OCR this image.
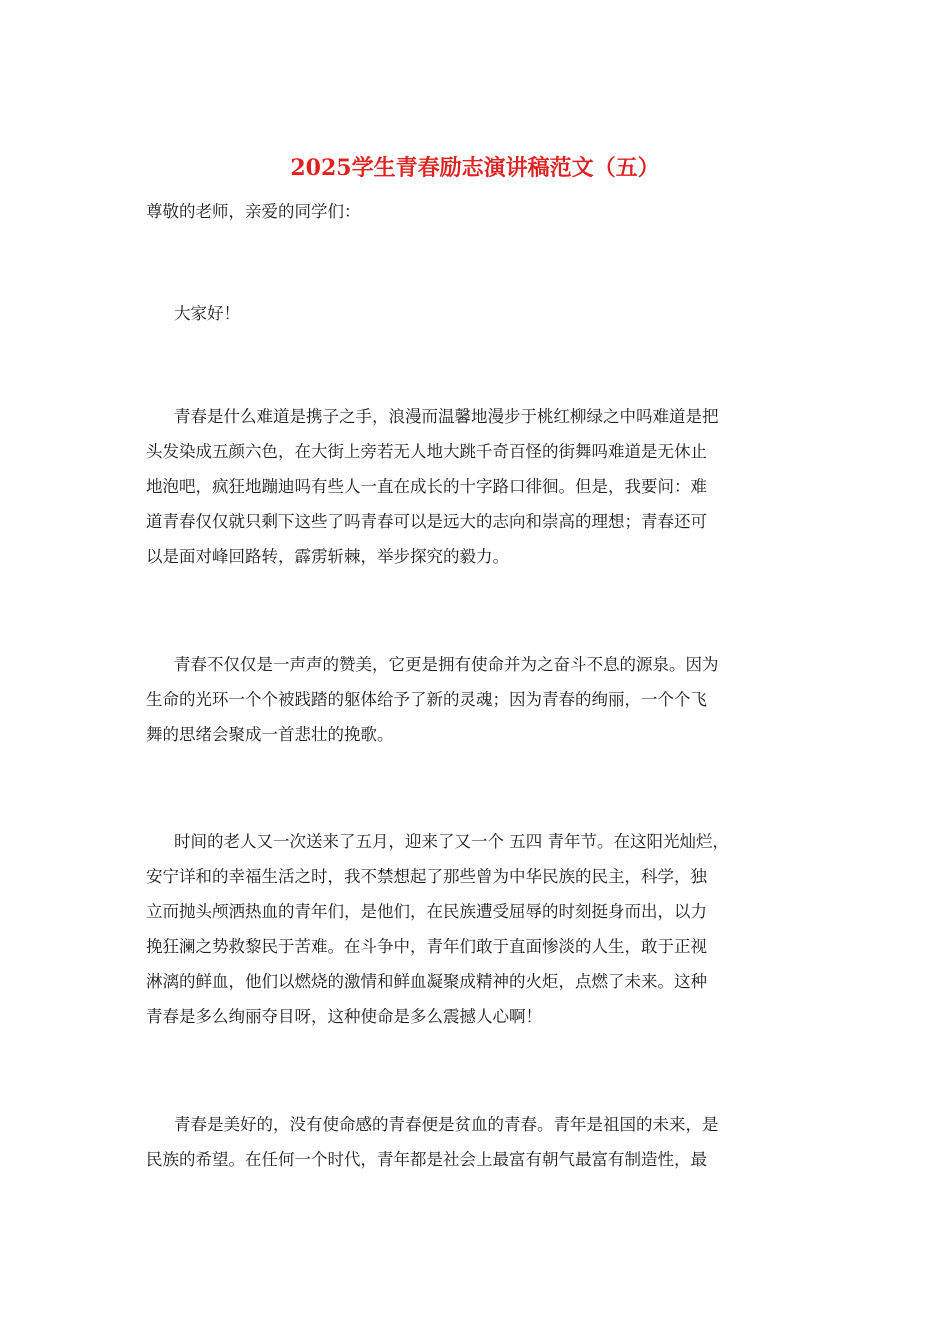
2025学生青春励志演讲稿范文（五）
尊敬的老师，亲爱的同学们：
大家好！
青春是什么难道是携子之手，浪漫而温馨地漫步于桃红柳绿之中吗难道是把
头发染成五颜六色，在大街上旁若无人地大跳千奇百怪的街舞吗难道是无休止
地泡吧，疯狂地蹦迪吗有些人一直在成长的十字路口徘徊。但是，我要问：难
道青春仅仅就只剩下这些了吗青春可以是远大的志向和崇高的理想；青春还可
以是面对峰回路转，霹雳斩棘，举步探究的毅力。
青春不仅仅是一声声的赞美，它更是拥有使命并为之奋斗不息的源泉。因为
生命的光环一个个被践踏的躯体给予了新的灵魂；因为青春的绚丽，一个个飞
舞的思绪会聚成一首悲壮的挽歌。
时间的老人又一次送来了五月，迎来了又一个 五四 青年节。在这阳光灿烂，
安宁详和的幸福生活之时，我不禁想起了那些曾为中华民族的民主，科学，独
立而抛头颅洒热血的青年们，是他们，在民族遭受屈辱的时刻挺身而出，以力
挽狂澜之势救黎民于苦难。在斗争中，青年们敢于直面惨淡的人生，敢于正视
淋漓的鲜血，他们以燃烧的激情和鲜血凝聚成精神的火炬，点燃了未来。这种
青春是多么绚丽夺目呀，这种使命是多么震撼人心啊！
青春是美好的，没有使命感的青春便是贫血的青春。青年是祖国的未来，是
民族的希望。在任何一个时代，青年都是社会上最富有朝气最富有制造性，最
